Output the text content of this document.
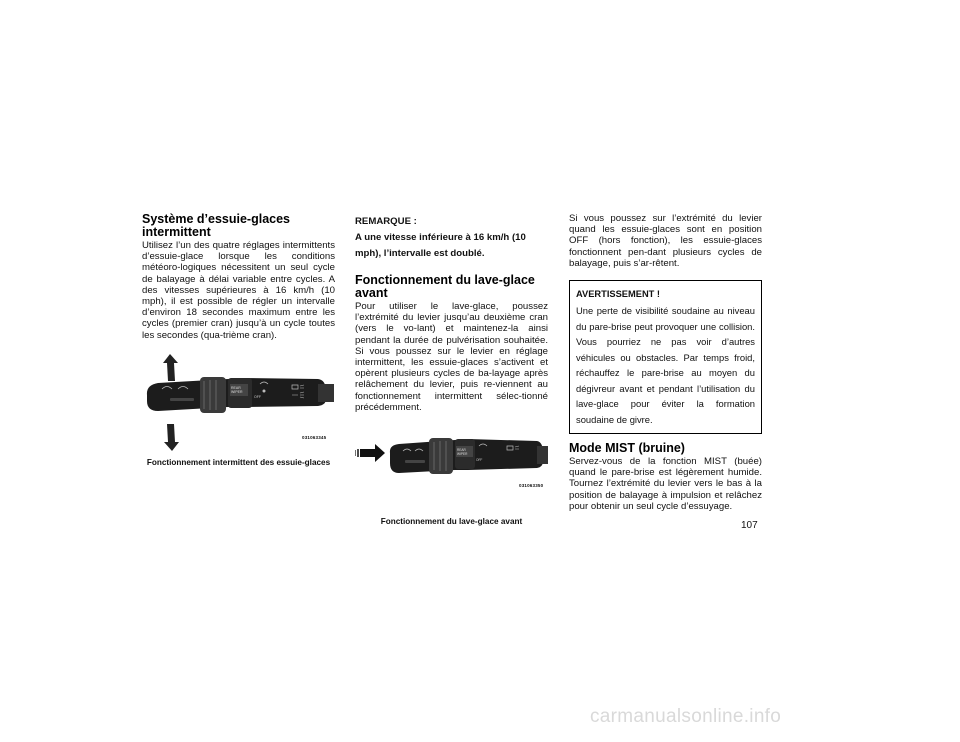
Système d’essuie-glaces intermittent

Utilisez l’un des quatre réglages intermittents d’essuie-glace lorsque les conditions météoro-logiques nécessitent un seul cycle de balayage à délai variable entre cycles. A des vitesses supérieures à 16 km/h (10 mph), il est possible de régler un intervalle d’environ 18 secondes maximum entre les cycles (premier cran) jusqu’à un cycle toutes les secondes (qua-trième cran).

REAR
WIPER
OFF
031063345
Fonctionnement intermittent des essuie-glaces
REMARQUE :
A une vitesse inférieure à 16 km/h (10 mph), l’intervalle est doublé.
Fonctionnement du lave-glace avant

Pour utiliser le lave-glace, poussez l’extrémité du levier jusqu’au deuxième cran (vers le vo-lant) et maintenez-la ainsi pendant la durée de pulvérisation souhaitée. Si vous poussez sur le levier en réglage intermittent, les essuie-glaces s’activent et opèrent plusieurs cycles de ba-layage après relâchement du levier, puis re-viennent au fonctionnement intermittent sélec-tionné précédemment.

REAR
WIPER
OFF
031063350
Fonctionnement du lave-glace avant

Si vous poussez sur l’extrémité du levier quand les essuie-glaces sont en position OFF (hors fonction), les essuie-glaces fonctionnent pen-dant plusieurs cycles de balayage, puis s’ar-rêtent.

AVERTISSEMENT !
Une perte de visibilité soudaine au niveau du pare-brise peut provoquer une collision. Vous pourriez ne pas voir d’autres véhicules ou obstacles. Par temps froid, réchauffez le pare-brise au moyen du dégivreur avant et pendant l’utilisation du lave-glace pour éviter la formation soudaine de givre.
Mode MIST (bruine)

Servez-vous de la fonction MIST (buée) quand le pare-brise est légèrement humide. Tournez l’extrémité du levier vers le bas à la position de balayage à impulsion et relâchez pour obtenir un seul cycle d’essuyage.

107
carmanualsonline.info
